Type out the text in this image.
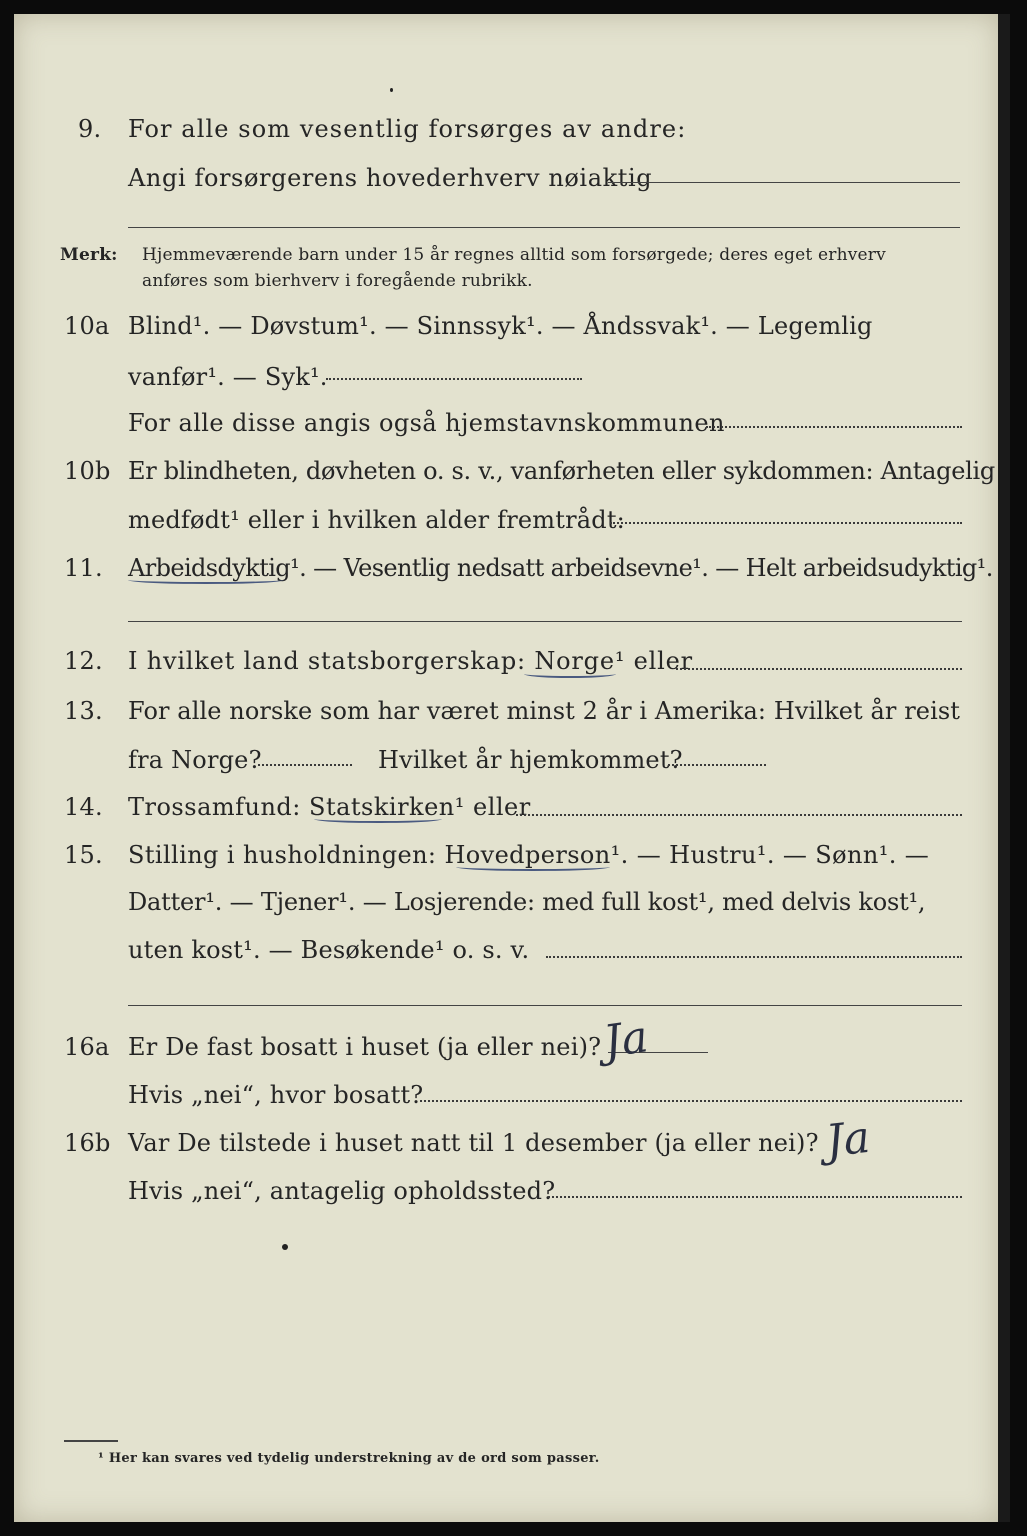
9. For alle som vesentlig forsørges av andre:

Angi forsørgerens hovederhverv nøiaktig

Merk: Hjemmeværende barn under 15 år regnes alltid som forsørgede; deres eget erhverv

anføres som bierhverv i foregående rubrikk.

10a Blind¹. — Døvstum¹. — Sinnssyk¹. — Åndssvak¹. — Legemlig

vanfør¹. — Syk¹.

For alle disse angis også hjemstavnskommunen

10b Er blindheten, døvheten o. s. v., vanførheten eller sykdommen: Antagelig

medfødt¹ eller i hvilken alder fremtrådt:

11. Arbeidsdyktig¹. — Vesentlig nedsatt arbeidsevne¹. — Helt arbeidsudyktig¹.

12. I hvilket land statsborgerskap: Norge¹ eller

13. For alle norske som har været minst 2 år i Amerika: Hvilket år reist

fra Norge?	Hvilket år hjemkommet?

14. Trossamfund: Statskirken¹ eller

15. Stilling i husholdningen: Hovedperson¹. — Hustru¹. — Sønn¹. —

Datter¹. — Tjener¹. — Losjerende: med full kost¹, med delvis kost¹,

uten kost¹. — Besøkende¹ o. s. v.

16a Er De fast bosatt i huset (ja eller nei)? Ja

Hvis „nei“, hvor bosatt?

16b Var De tilstede i huset natt til 1 desember (ja eller nei)? Ja

Hvis „nei“, antagelig opholdssted?

¹ Her kan svares ved tydelig understrekning av de ord som passer.
